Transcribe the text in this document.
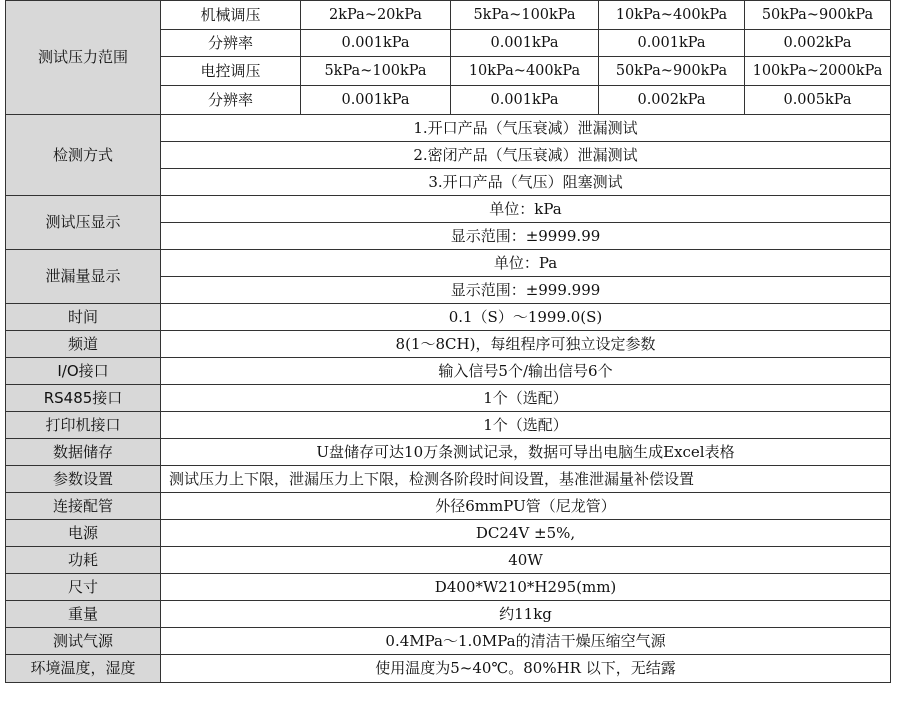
测试压力范围	机械调压	2kPa~20kPa	5kPa~100kPa	10kPa~400kPa	50kPa~900kPa
	分辨率	0.001kPa	0.001kPa	0.001kPa	0.002kPa
	电控调压	5kPa~100kPa	10kPa~400kPa	50kPa~900kPa	100kPa~2000kPa
	分辨率	0.001kPa	0.001kPa	0.002kPa	0.005kPa
检测方式	1.开口产品（气压衰减）泄漏测试				
	2.密闭产品（气压衰减）泄漏测试				
	3.开口产品（气压）阻塞测试				
测试压显示	单位：kPa				
	显示范围：±9999.99				
泄漏量显示	单位：Pa				
	显示范围：±999.999				
时间	0.1（S）～1999.0(S)				
频道	8(1～8CH)，每组程序可独立设定参数				
I/O接口	输入信号5个/输出信号6个				
RS485接口	1个（选配）				
打印机接口	1个（选配）				
数据储存	U盘储存可达10万条测试记录，数据可导出电脑生成Excel表格				
参数设置	测试压力上下限，泄漏压力上下限，检测各阶段时间设置，基准泄漏量补偿设置				
连接配管	外径6mmPU管（尼龙管）				
电源	DC24V ±5%,				
功耗	40W				
尺寸	D400*W210*H295(mm)				
重量	约11kg				
测试气源	0.4MPa～1.0MPa的清洁干燥压缩空气源				
环境温度，湿度	使用温度为5~40℃。80%HR 以下，无结露				
